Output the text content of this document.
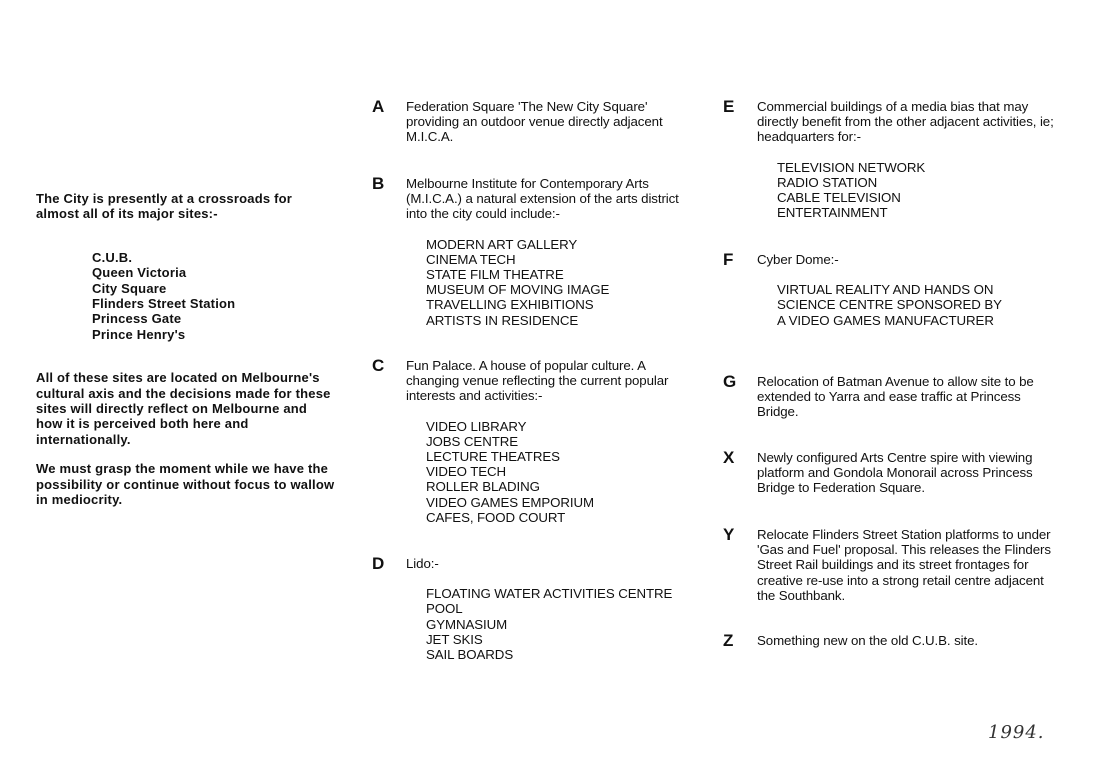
The City is presently at a crossroads for almost all of its major sites:-

C.U.B.
Queen Victoria
City Square
Flinders Street Station
Princess Gate
Prince Henry's

All of these sites are located on Melbourne's cultural axis and the decisions made for these sites will directly reflect on Melbourne and how it is perceived both here and internationally.

We must grasp the moment while we have the possibility or continue without focus to wallow in mediocrity.

A Federation Square 'The New City Square' providing an outdoor venue directly adjacent M.I.C.A.

B Melbourne Institute for Contemporary Arts (M.I.C.A.) a natural extension of the arts district into the city could include:-

MODERN ART GALLERY
CINEMA TECH
STATE FILM THEATRE
MUSEUM OF MOVING IMAGE
TRAVELLING EXHIBITIONS
ARTISTS IN RESIDENCE
C Fun Palace. A house of popular culture. A changing venue reflecting the current popular interests and activities:-

VIDEO LIBRARY
JOBS CENTRE
LECTURE THEATRES
VIDEO TECH
ROLLER BLADING
VIDEO GAMES EMPORIUM
CAFES, FOOD COURT
D Lido:-

FLOATING WATER ACTIVITIES CENTRE
POOL
GYMNASIUM
JET SKIS
SAIL BOARDS
E Commercial buildings of a media bias that may directly benefit from the other adjacent activities, ie; headquarters for:-

TELEVISION NETWORK
RADIO STATION
CABLE TELEVISION
ENTERTAINMENT
F Cyber Dome:-

VIRTUAL REALITY AND HANDS ON
SCIENCE CENTRE SPONSORED BY
A VIDEO GAMES MANUFACTURER
G Relocation of Batman Avenue to allow site to be extended to Yarra and ease traffic at Princess Bridge.

X Newly configured Arts Centre spire with viewing platform and Gondola Monorail across Princess Bridge to Federation Square.

Y Relocate Flinders Street Station platforms to under 'Gas and Fuel' proposal. This releases the Flinders Street Rail buildings and its street frontages for creative re-use into a strong retail centre adjacent the Southbank.

Z Something new on the old C.U.B. site.

1994.
